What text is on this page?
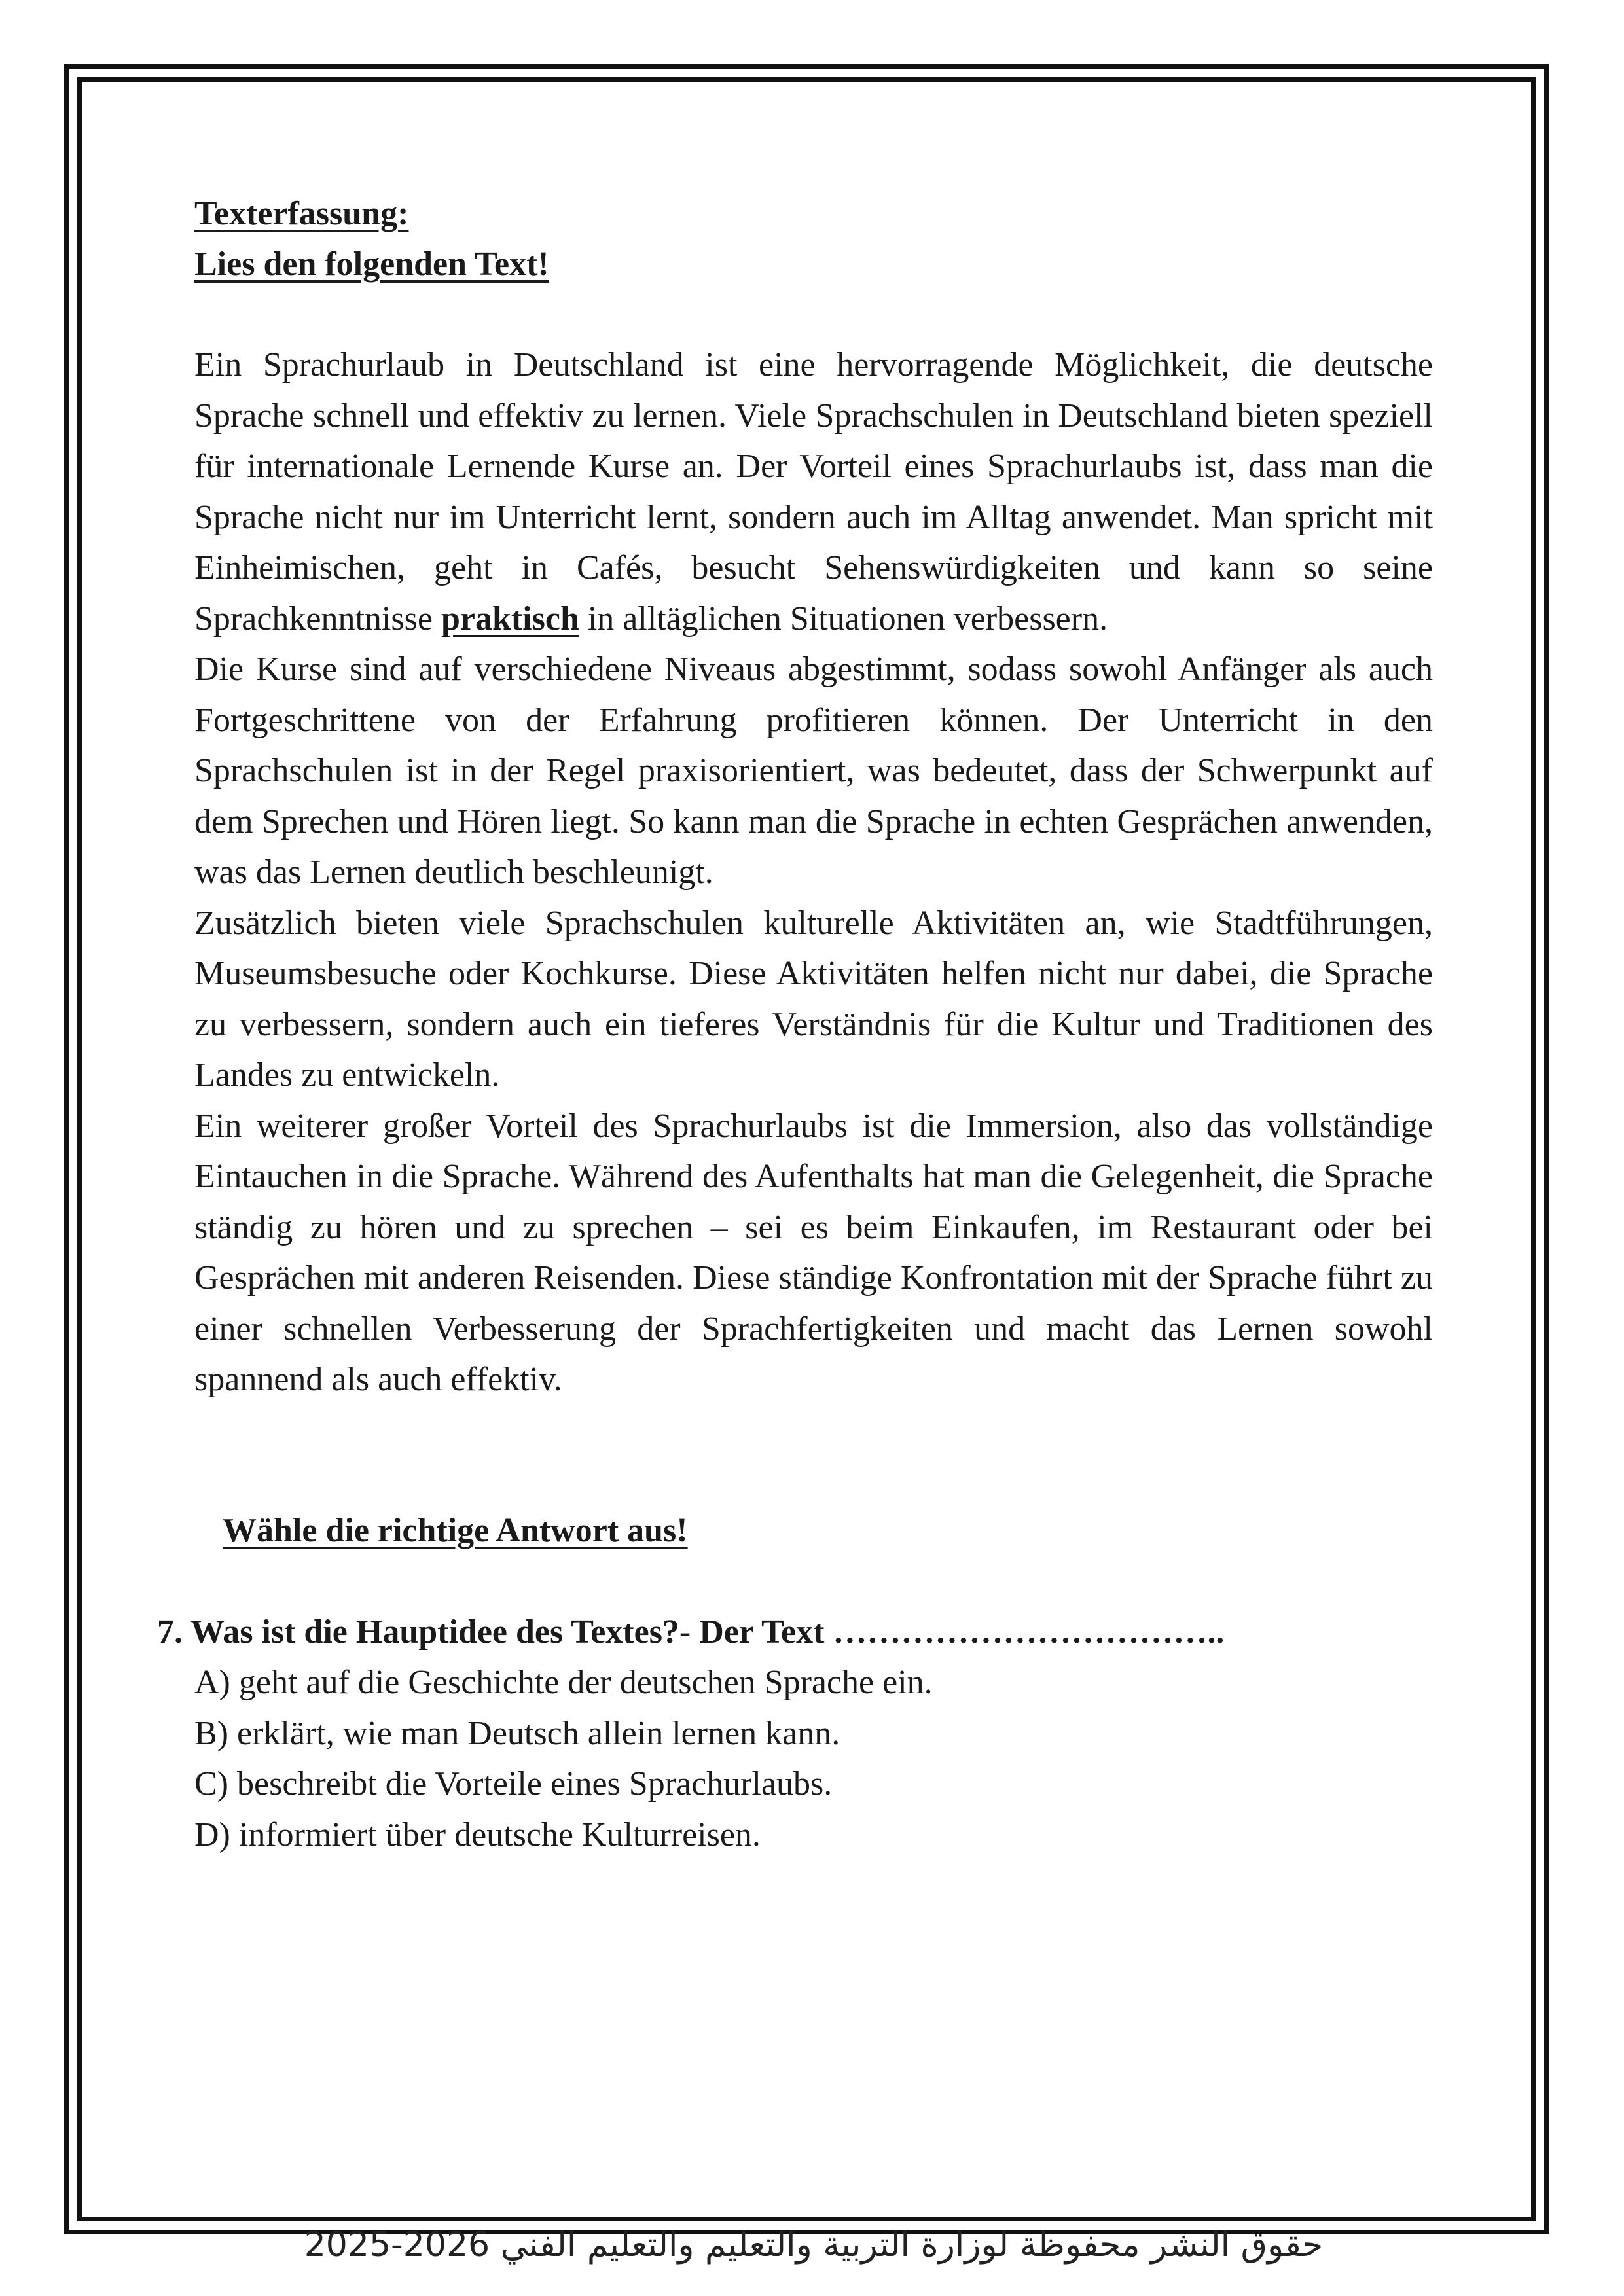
Texterfassung:

Lies den folgenden Text!

Ein Sprachurlaub in Deutschland ist eine hervorragende Möglichkeit, die deutsche Sprache schnell und effektiv zu lernen. Viele Sprachschulen in Deutschland bieten speziell für internationale Lernende Kurse an. Der Vorteil eines Sprachurlaubs ist, dass man die Sprache nicht nur im Unterricht lernt, sondern auch im Alltag anwendet. Man spricht mit Einheimischen, geht in Cafés, besucht Sehenswürdigkeiten und kann so seine Sprachkenntnisse praktisch in alltäglichen Situationen verbessern.

Die Kurse sind auf verschiedene Niveaus abgestimmt, sodass sowohl Anfänger als auch Fortgeschrittene von der Erfahrung profitieren können. Der Unterricht in den Sprachschulen ist in der Regel praxisorientiert, was bedeutet, dass der Schwerpunkt auf dem Sprechen und Hören liegt. So kann man die Sprache in echten Gesprächen anwenden, was das Lernen deutlich beschleunigt.

Zusätzlich bieten viele Sprachschulen kulturelle Aktivitäten an, wie Stadtführungen, Museumsbesuche oder Kochkurse. Diese Aktivitäten helfen nicht nur dabei, die Sprache zu verbessern, sondern auch ein tieferes Verständnis für die Kultur und Traditionen des Landes zu entwickeln.

Ein weiterer großer Vorteil des Sprachurlaubs ist die Immersion, also das vollständige Eintauchen in die Sprache. Während des Aufenthalts hat man die Gelegenheit, die Sprache ständig zu hören und zu sprechen – sei es beim Einkaufen, im Restaurant oder bei Gesprächen mit anderen Reisenden. Diese ständige Konfrontation mit der Sprache führt zu einer schnellen Verbesserung der Sprachfertigkeiten und macht das Lernen sowohl spannend als auch effektiv.

Wähle die richtige Antwort aus!
7. Was ist die Hauptidee des Textes?- Der Text ……………………………..
A) geht auf die Geschichte der deutschen Sprache ein.
B) erklärt, wie man Deutsch allein lernen kann.
C) beschreibt die Vorteile eines Sprachurlaubs.
D) informiert über deutsche Kulturreisen.
حقوق النشر محفوظة لوزارة التربية والتعليم والتعليم الفني 2026-2025
